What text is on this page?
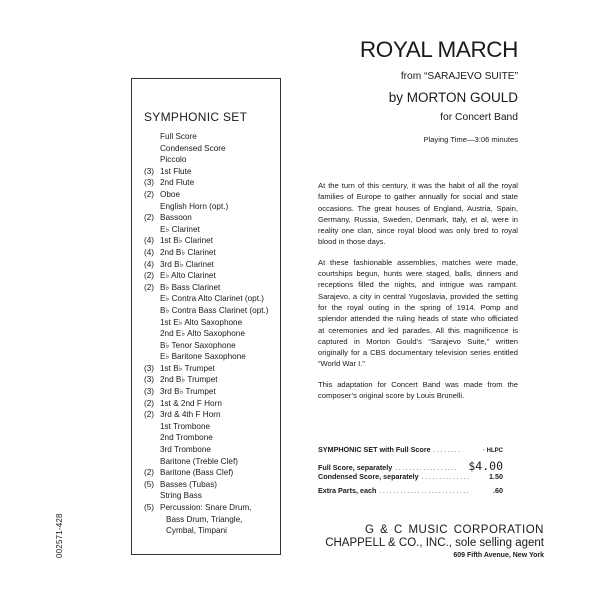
002571-428
SYMPHONIC SET
Full Score
Condensed Score
Piccolo
(3) 1st Flute
(3) 2nd Flute
(2) Oboe
English Horn (opt.)
(2) Bassoon
E♭ Clarinet
(4) 1st B♭ Clarinet
(4) 2nd B♭ Clarinet
(4) 3rd B♭ Clarinet
(2) E♭ Alto Clarinet
(2) B♭ Bass Clarinet
E♭ Contra Alto Clarinet (opt.)
B♭ Contra Bass Clarinet (opt.)
1st E♭ Alto Saxophone
2nd E♭ Alto Saxophone
B♭ Tenor Saxophone
E♭ Baritone Saxophone
(3) 1st B♭ Trumpet
(3) 2nd B♭ Trumpet
(3) 3rd B♭ Trumpet
(2) 1st & 2nd F Horn
(2) 3rd & 4th F Horn
1st Trombone
2nd Trombone
3rd Trombone
Baritone (Treble Clef)
(2) Baritone (Bass Clef)
(5) Basses (Tubas)
String Bass
(5) Percussion: Snare Drum,
Bass Drum, Triangle,
Cymbal, Timpani
ROYAL MARCH
from “SARAJEVO SUITE”
by MORTON GOULD
for Concert Band
Playing Time—3:06 minutes

At the turn of this century, it was the habit of all the royal families of Europe to gather annually for social and state occasions. The great houses of England, Austria, Spain, Germany, Russia, Sweden, Denmark, Italy, et al, were in reality one clan, since royal blood was only bred to royal blood in those days.

At these fashionable assemblies, matches were made, courtships begun, hunts were staged, balls, dinners and receptions filled the nights, and intrigue was rampant. Sarajevo, a city in central Yugoslavia, provided the setting for the royal outing in the spring of 1914. Pomp and splendor attended the ruling heads of state who officiated at ceremonies and led parades. All this magnificence is captured in Morton Gould’s “Sarajevo Suite,” written originally for a CBS documentary television series entitled “World War I.”

This adaptation for Concert Band was made from the composer’s original score by Louis Brunelli.

SYMPHONIC SET with Full Score ........	· HLPC
Full Score, separately .................. $4.00
Condensed Score, separately ..............	1.50
Extra Parts, each ..........................	.60
G & C MUSIC CORPORATION
CHAPPELL & CO., INC., sole selling agent
609 Fifth Avenue, New York
